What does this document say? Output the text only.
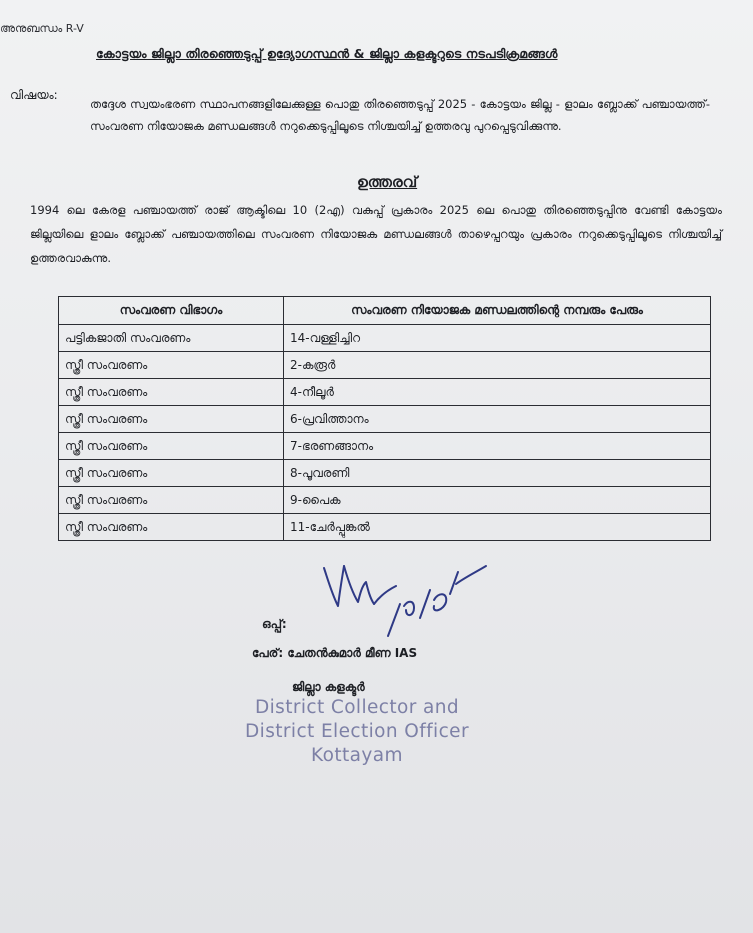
അനുബന്ധം R-V
കോട്ടയം ജില്ലാ തിരഞ്ഞെടുപ്പ് ഉദ്യോഗസ്ഥൻ & ജില്ലാ കളക്ടറുടെ നടപടിക്രമങ്ങൾ
വിഷയം:
തദ്ദേശ സ്വയംഭരണ സ്ഥാപനങ്ങളിലേക്കുള്ള പൊതു തിരഞ്ഞെടുപ്പ് 2025 - കോട്ടയം ജില്ല - ളാലം ബ്ലോക്ക് പഞ്ചായത്ത്- സംവരണ നിയോജക മണ്ഡലങ്ങൾ നറുക്കെടുപ്പിലൂടെ നിശ്ചയിച്ച് ഉത്തരവു പുറപ്പെടുവിക്കുന്നു.
ഉത്തരവ്
1994 ലെ കേരള പഞ്ചായത്ത് രാജ് ആക്ടിലെ 10 (2എ) വകുപ്പ് പ്രകാരം 2025 ലെ പൊതു തിരഞ്ഞെടുപ്പിനു വേണ്ടി കോട്ടയം ജില്ലയിലെ ളാലം ബ്ലോക്ക് പഞ്ചായത്തിലെ സംവരണ നിയോജക മണ്ഡലങ്ങൾ താഴെപ്പറയും പ്രകാരം നറുക്കെടുപ്പിലൂടെ നിശ്ചയിച്ച് ഉത്തരവാകുന്നു.
സംവരണ വിഭാഗം	സംവരണ നിയോജക മണ്ഡലത്തിന്റെ നമ്പരും പേരും
പട്ടികജാതി സംവരണം	14-വള്ളിച്ചിറ
സ്ത്രീ സംവരണം	2-കരൂർ
സ്ത്രീ സംവരണം	4-നീലൂർ
സ്ത്രീ സംവരണം	6-പ്രവിത്താനം
സ്ത്രീ സംവരണം	7-ഭരണങ്ങാനം
സ്ത്രീ സംവരണം	8-പൂവരണി
സ്ത്രീ സംവരണം	9-പൈക
സ്ത്രീ സംവരണം	11-ചേർപ്പുങ്കൽ
ഒപ്പ്:
പേര്: ചേതൻകുമാർ മീണ IAS
ജില്ലാ കളക്ടർ
District Collector and
District Election Officer
Kottayam
